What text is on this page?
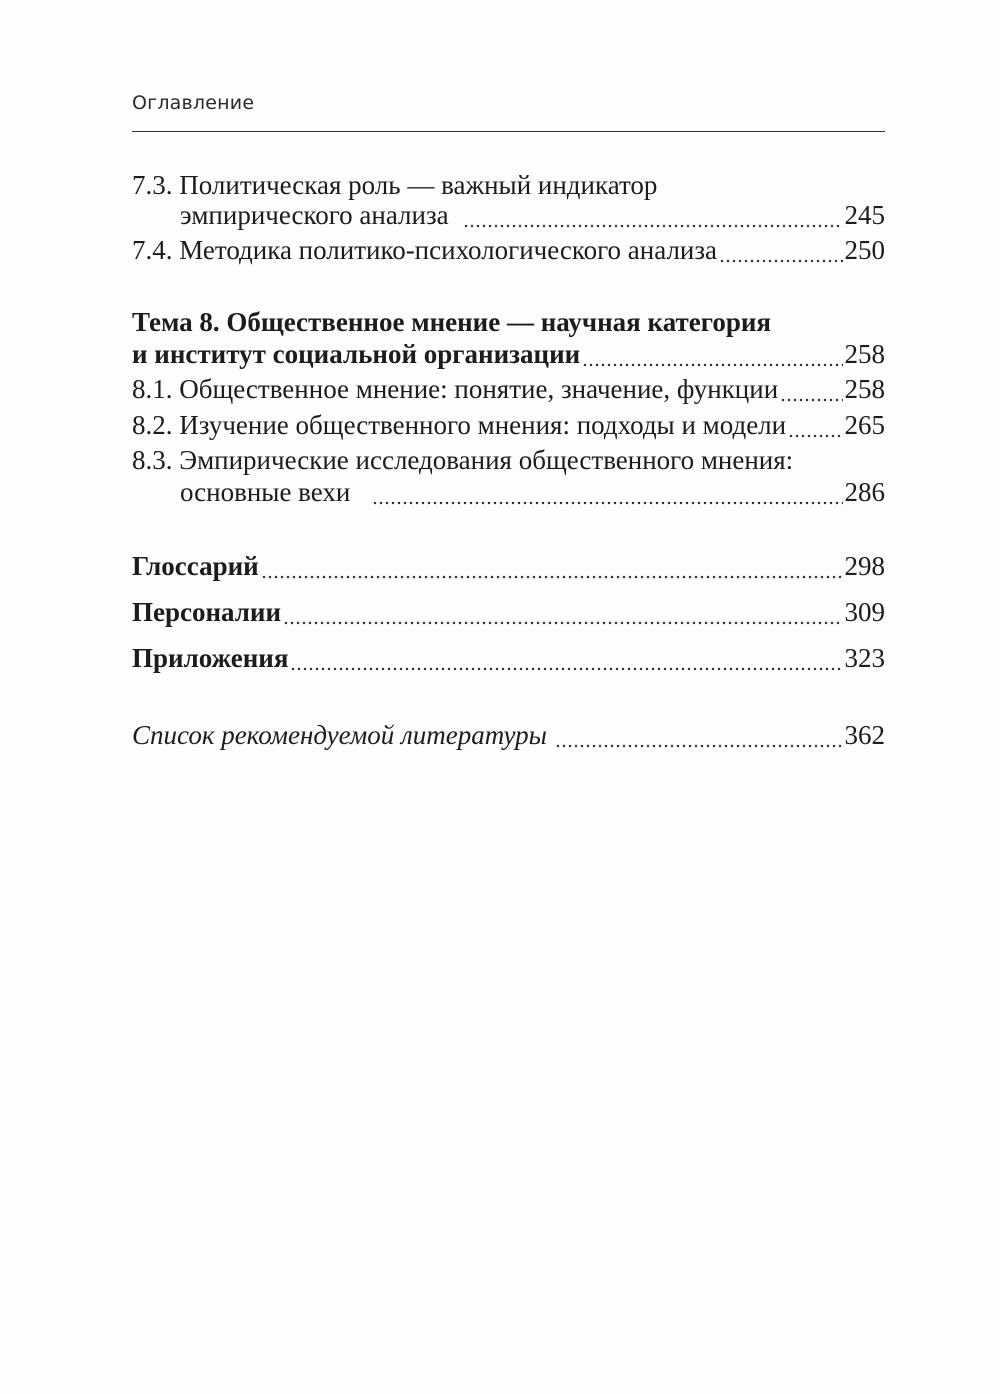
Оглавление
7.3. Политическая роль — важный индикатор
эмпирического анализа	245
7.4. Методика политико-психологического анализа	250
Тема 8. Общественное мнение — научная категория
и институт социальной организации	258
8.1. Общественное мнение: понятие, значение, функции 258
8.2. Изучение общественного мнения: подходы и модели 265
8.3. Эмпирические исследования общественного мнения:
основные вехи	286
Глоссарий	298
Персоналии	309
Приложения	323
Список рекомендуемой литературы	362
